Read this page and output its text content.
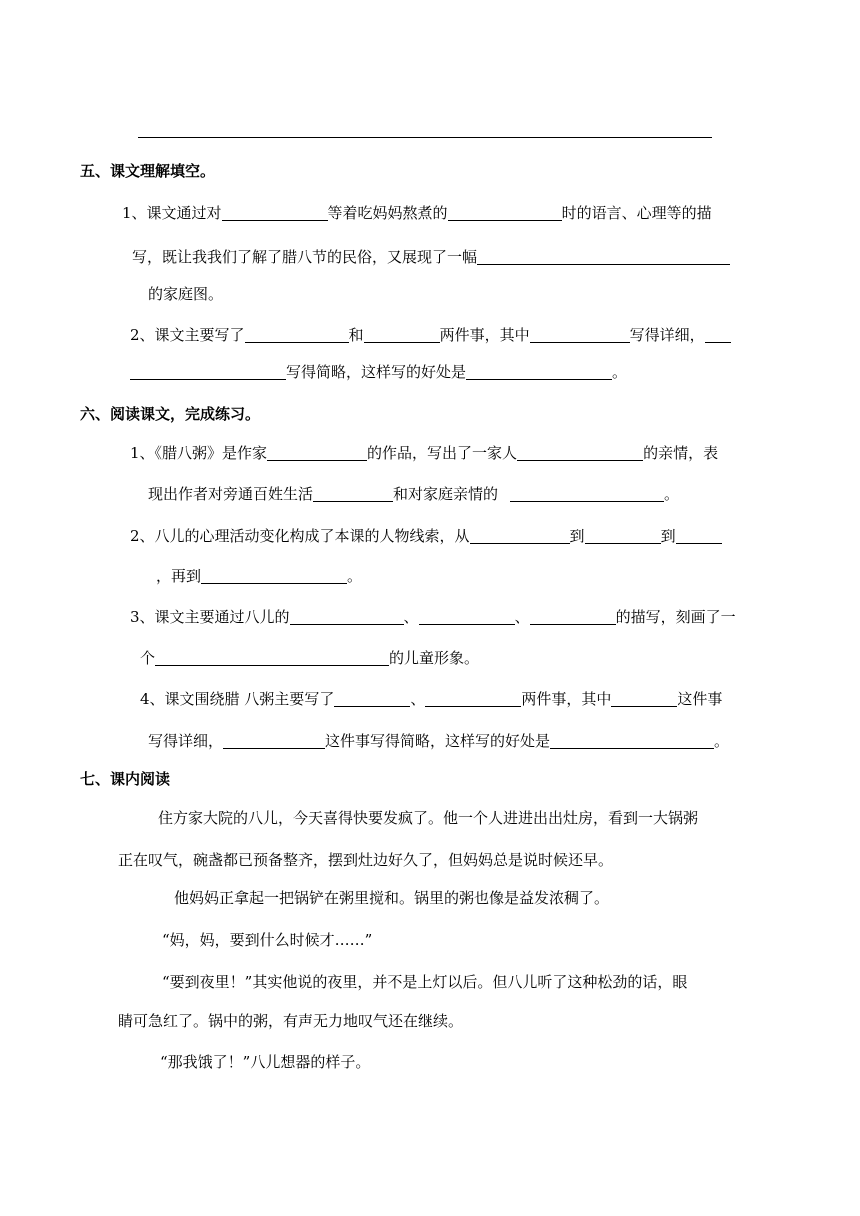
五、课文理解填空。
1、课文通过对	等着吃妈妈熬煮的	时的语言、心理等的描
写，既让我我们了解了腊八节的民俗，又展现了一幅
的家庭图。
2、课文主要写了	和	两件事，其中	写得详细，
写得简略，这样写的好处是	。
六、阅读课文，完成练习。
1、《腊八粥》是作家	的作品，写出了一家人	的亲情，表
现出作者对旁通百姓生活	和对家庭亲情的	。
2、八儿的心理活动变化构成了本课的人物线索，从	到	到
，再到	。
3、课文主要通过八儿的	、	、	的描写，刻画了一
个	的儿童形象。
4、课文围绕腊 八粥主要写了	、	两件事，其中	这件事
写得详细，	这件事写得简略，这样写的好处是	。
七、课内阅读
住方家大院的八儿，今天喜得快要发疯了。他一个人进进出出灶房，看到一大锅粥
正在叹气，碗盏都已预备整齐，摆到灶边好久了，但妈妈总是说时候还早。
他妈妈正拿起一把锅铲在粥里搅和。锅里的粥也像是益发浓稠了。
“妈，妈，要到什么时候才……”
“要到夜里！”其实他说的夜里，并不是上灯以后。但八儿听了这种松劲的话，眼
睛可急红了。锅中的粥，有声无力地叹气还在继续。
“那我饿了！”八儿想器的样子。
